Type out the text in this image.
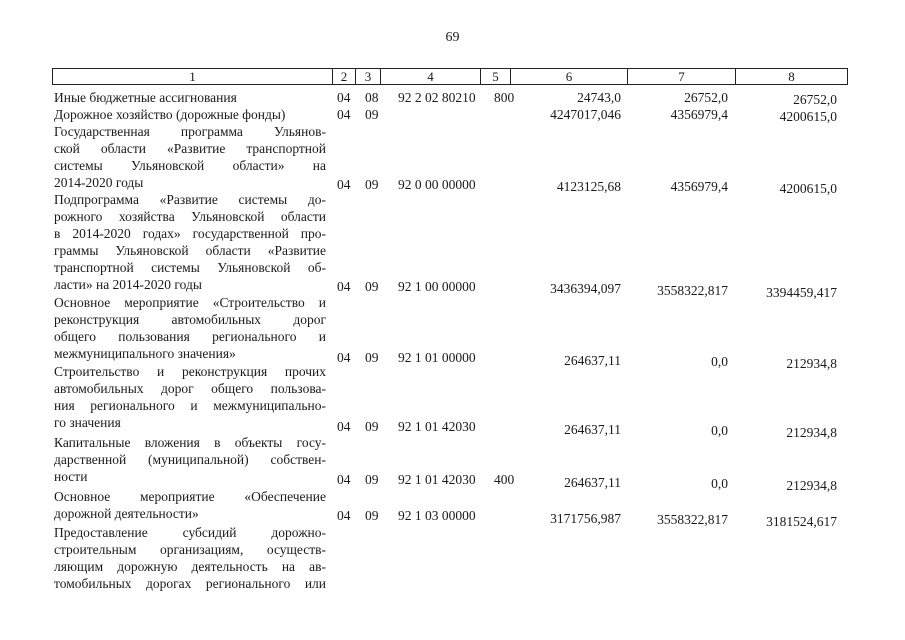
69
1	2	3	4	5	6	7	8
Иные бюджетные ассигнования	04 08 92 2 02 80210 800	24743,0	26752,0	26752,0
Дорожное хозяйство (дорожные фонды)	04 09	4247017,046	4356979,4	4200615,0
Государственная программа Ульянов-
ской области «Развитие транспортной
системы Ульяновской области» на
2014-2020 годы	04 09 92 0 00 00000	4123125,68	4356979,4	4200615,0
Подпрограмма «Развитие системы до-
рожного хозяйства Ульяновской области
в 2014-2020 годах» государственной про-
граммы Ульяновской области «Развитие
транспортной системы Ульяновской об-
ласти» на 2014-2020 годы	04 09 92 1 00 00000	3436394,097	3558322,817	3394459,417
Основное мероприятие «Строительство и
реконструкция автомобильных дорог
общего пользования регионального и
межмуниципального значения»	04 09 92 1 01 00000	264637,11	0,0	212934,8
Строительство и реконструкция прочих
автомобильных дорог общего пользова-
ния регионального и межмуниципально-
го значения	04 09 92 1 01 42030	264637,11	0,0	212934,8
Капитальные вложения в объекты госу-
дарственной (муниципальной) собствен-
ности	04 09 92 1 01 42030 400	264637,11	0,0	212934,8
Основное мероприятие «Обеспечение
дорожной деятельности»	04 09 92 1 03 00000	3171756,987	3558322,817	3181524,617
Предоставление субсидий дорожно-
строительным организациям, осуществ-
ляющим дорожную деятельность на ав-
томобильных дорогах регионального или
